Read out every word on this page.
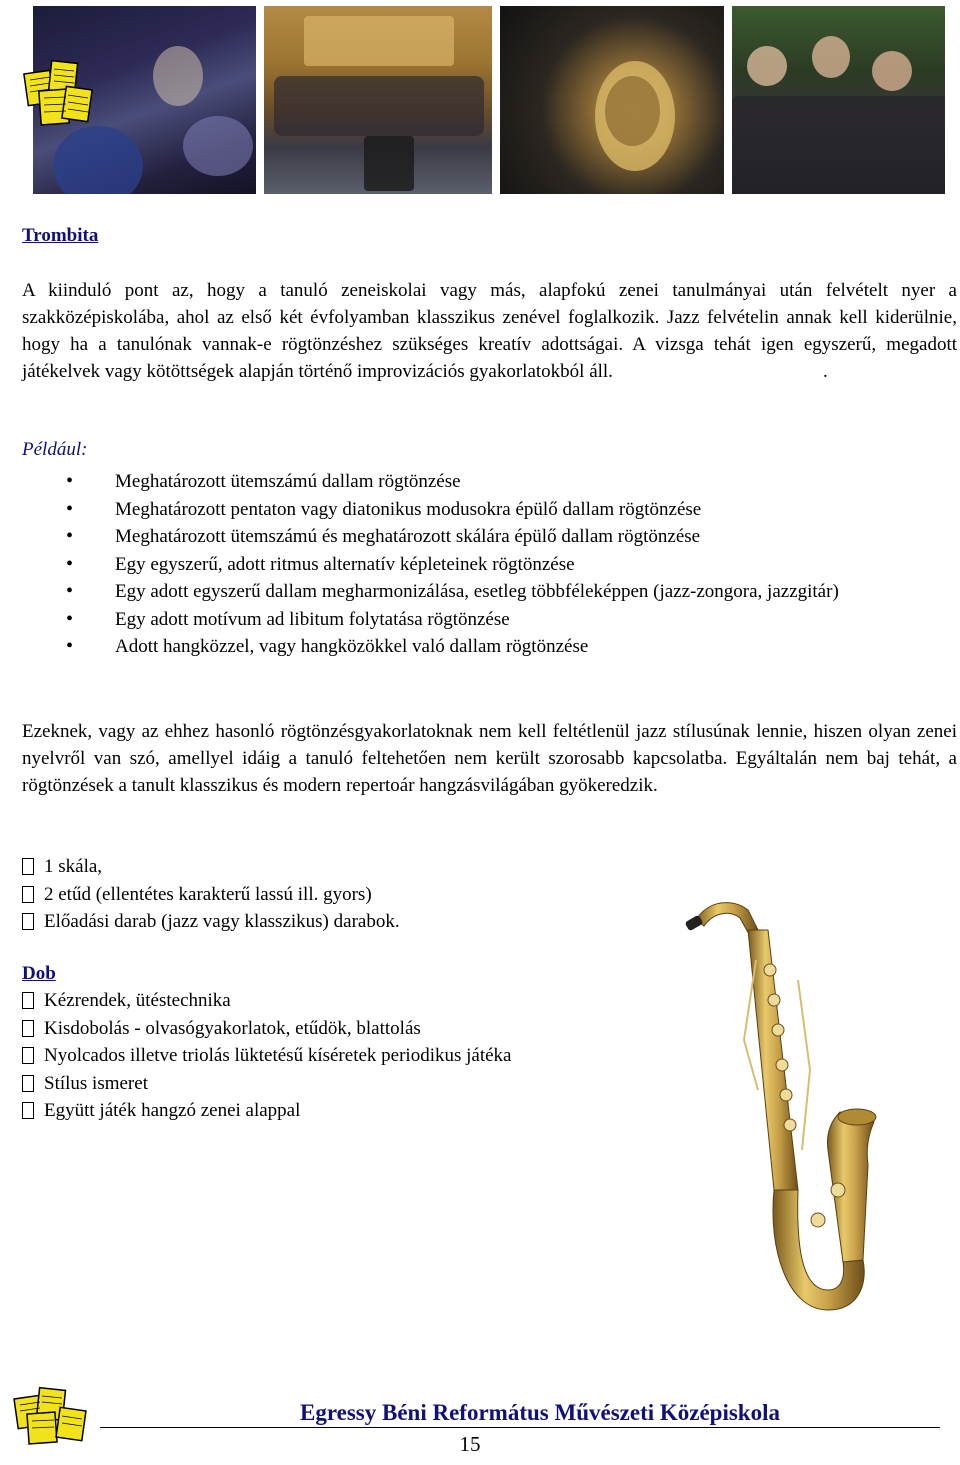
Trombita

A kiinduló pont az, hogy a tanuló zeneiskolai vagy más, alapfokú zenei tanulmányai után felvételt nyer a szakközépiskolába, ahol az első két évfolyamban klasszikus zenével foglalkozik. Jazz felvételin annak kell kiderülnie, hogy ha a tanulónak vannak-e rögtönzéshez szükséges kreatív adottságai. A vizsga tehát igen egyszerű, megadott játékelvek vagy kötöttségek alapján történő improvizációs gyakorlatokból áll.	.

Például:
• Meghatározott ütemszámú dallam rögtönzése
• Meghatározott pentaton vagy diatonikus modusokra épülő dallam rögtönzése
• Meghatározott ütemszámú és meghatározott skálára épülő dallam rögtönzése
• Egy egyszerű, adott ritmus alternatív képleteinek rögtönzése
• Egy adott egyszerű dallam megharmonizálása, esetleg többféleképpen (jazz-zongora, jazzgitár)
• Egy adott motívum ad libitum folytatása rögtönzése
• Adott hangközzel, vagy hangközökkel való dallam rögtönzése

Ezeknek, vagy az ehhez hasonló rögtönzésgyakorlatoknak nem kell feltétlenül jazz stílusúnak lennie, hiszen olyan zenei nyelvről van szó, amellyel idáig a tanuló feltehetően nem került szorosabb kapcsolatba. Egyáltalán nem baj tehát, a rögtönzések a tanult klasszikus és modern repertoár hangzásvilágában gyökeredzik.

1 skála,
2 etűd (ellentétes karakterű lassú ill. gyors)
Előadási darab (jazz vagy klasszikus) darabok.
Dob
Kézrendek, ütéstechnika
Kisdobolás - olvasógyakorlatok, etűdök, blattolás
Nyolcados illetve triolás lüktetésű kíséretek periodikus játéka
Stílus ismeret
Együtt játék hangzó zenei alappal
Egressy Béni Református Művészeti Középiskola
15
